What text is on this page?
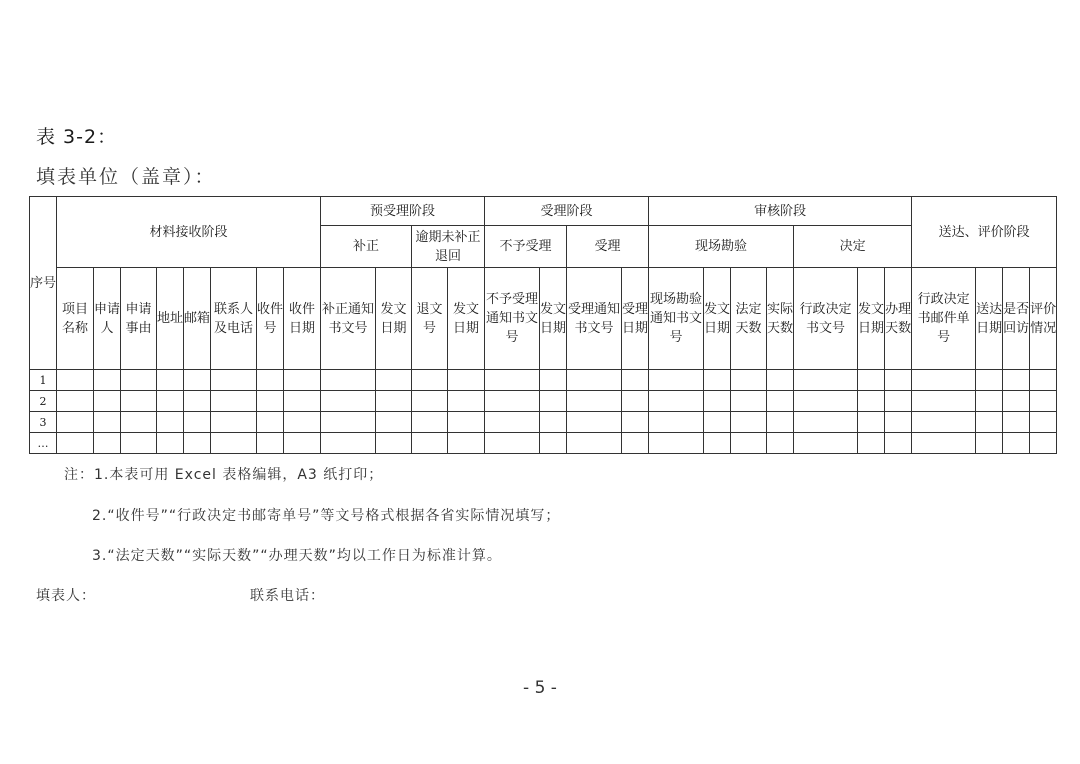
表 3-2：
填表单位（盖章）：
序号	材料接收阶段								预受理阶段				受理阶段				审核阶段							送达、评价阶段			
									补正		逾期未补正退回		不予受理		受理		现场勘验				决定						
	项目名称	申请人	申请事由	地址	邮箱	联系人及电话	收件号	收件日期	补正通知书文号	发文日期	退文号	发文日期	不予受理通知书文号	发文日期	受理通知书文号	受理日期	现场勘验通知书文号	发文日期	法定天数	实际天数	行政决定书文号	发文日期	办理天数	行政决定书邮件单号	送达日期	是否回访	评价情况
1																											
2																											
3																											
…																											
注：1.本表可用 Excel 表格编辑，A3 纸打印；
2.“收件号”“行政决定书邮寄单号”等文号格式根据各省实际情况填写；
3.“法定天数”“实际天数”“办理天数”均以工作日为标准计算。
填表人：	联系电话：
- 5 -
